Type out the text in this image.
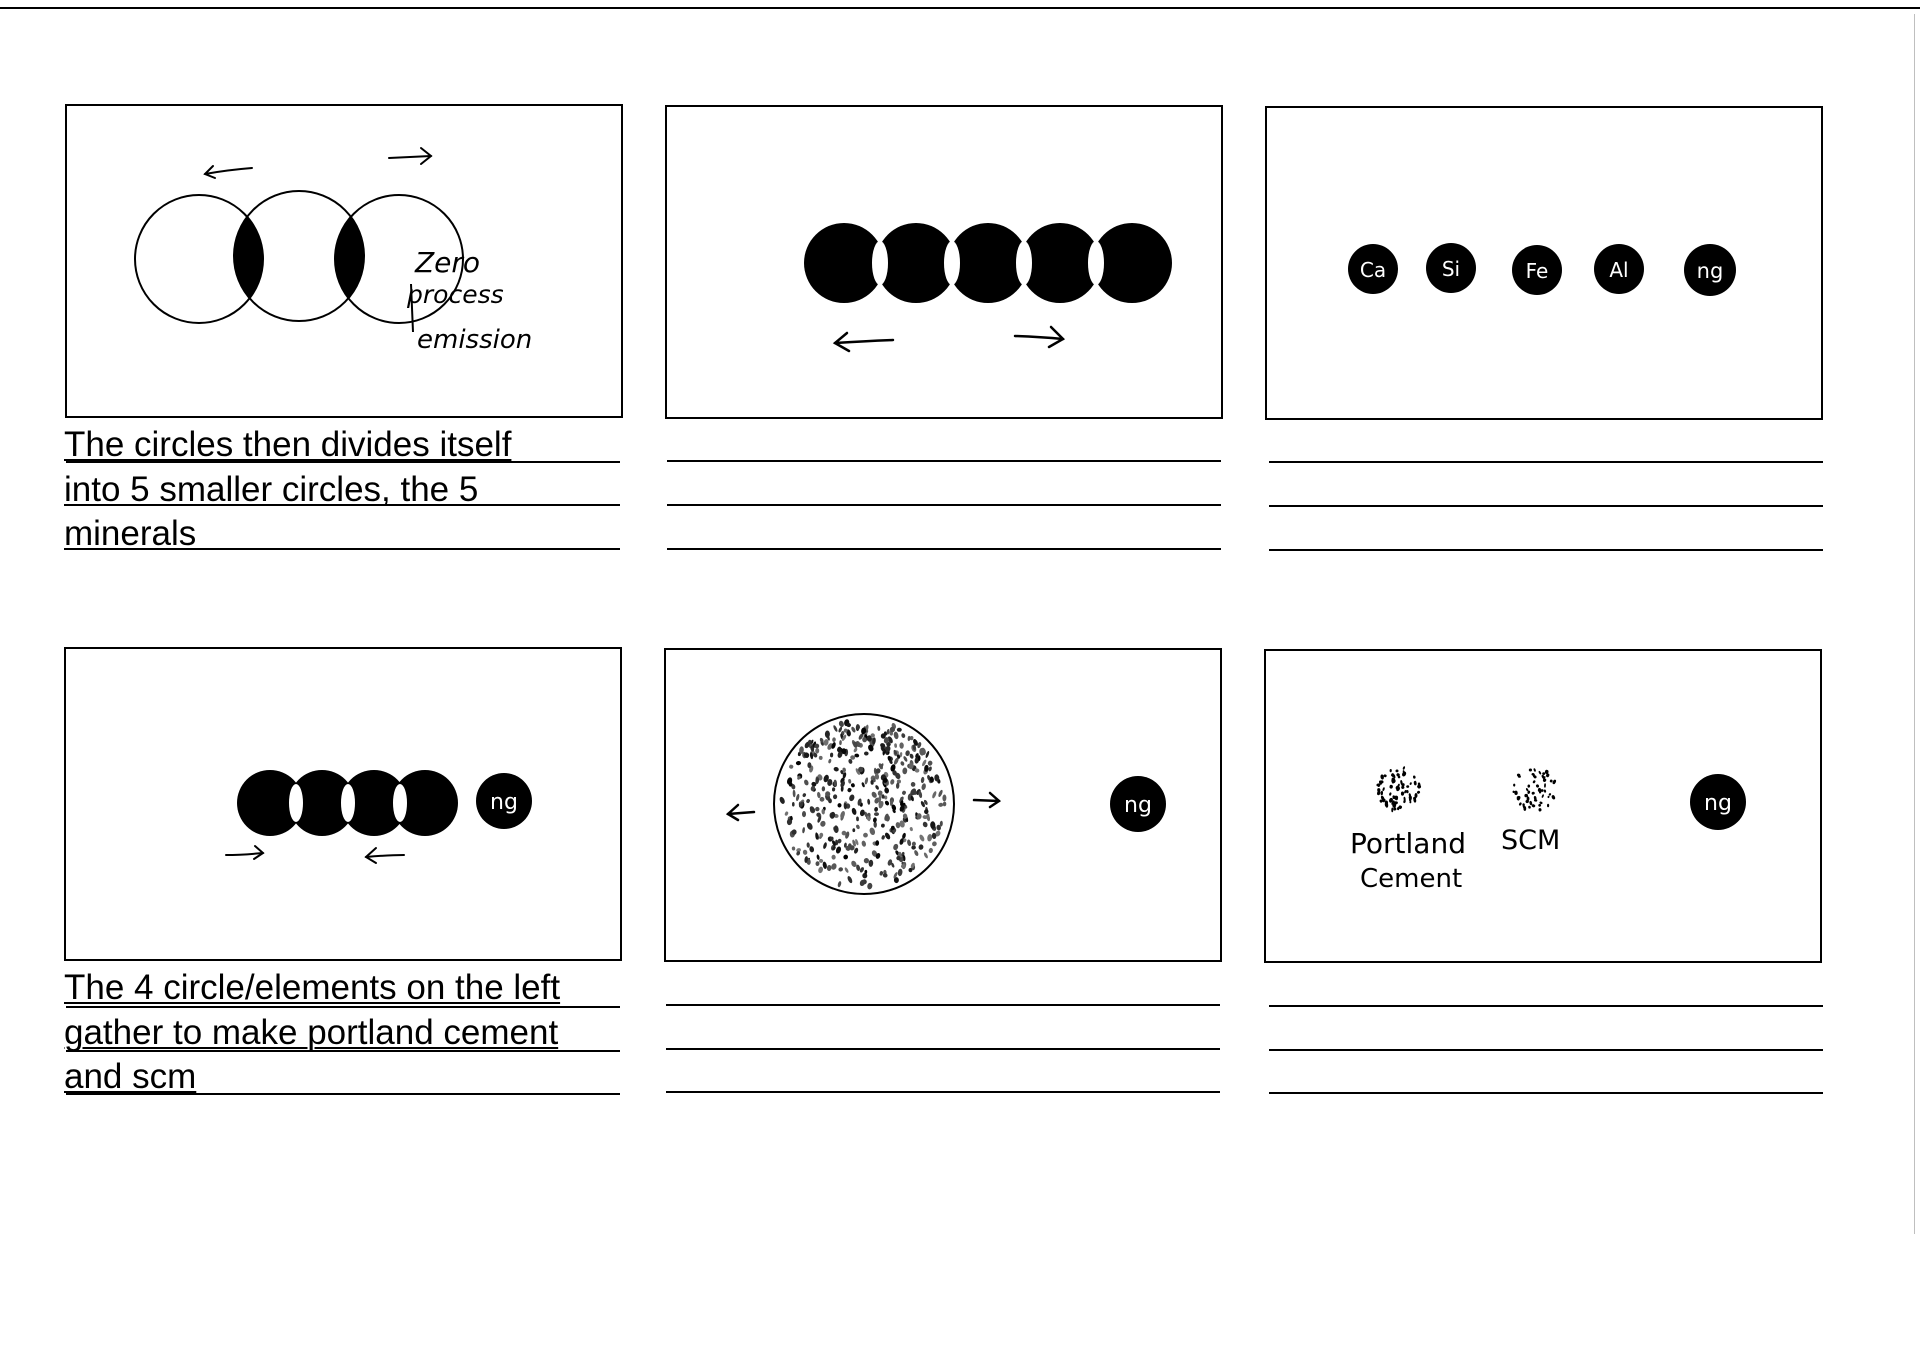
Zero
process
emission

The circles then divides itself
into 5 smaller circles, the 5
minerals

Ca	Si	Fe	Al	ng
ng

The 4 circle/elements on the left
gather to make portland cement
and scm

ng
Portland
Cement
SCM
ng
